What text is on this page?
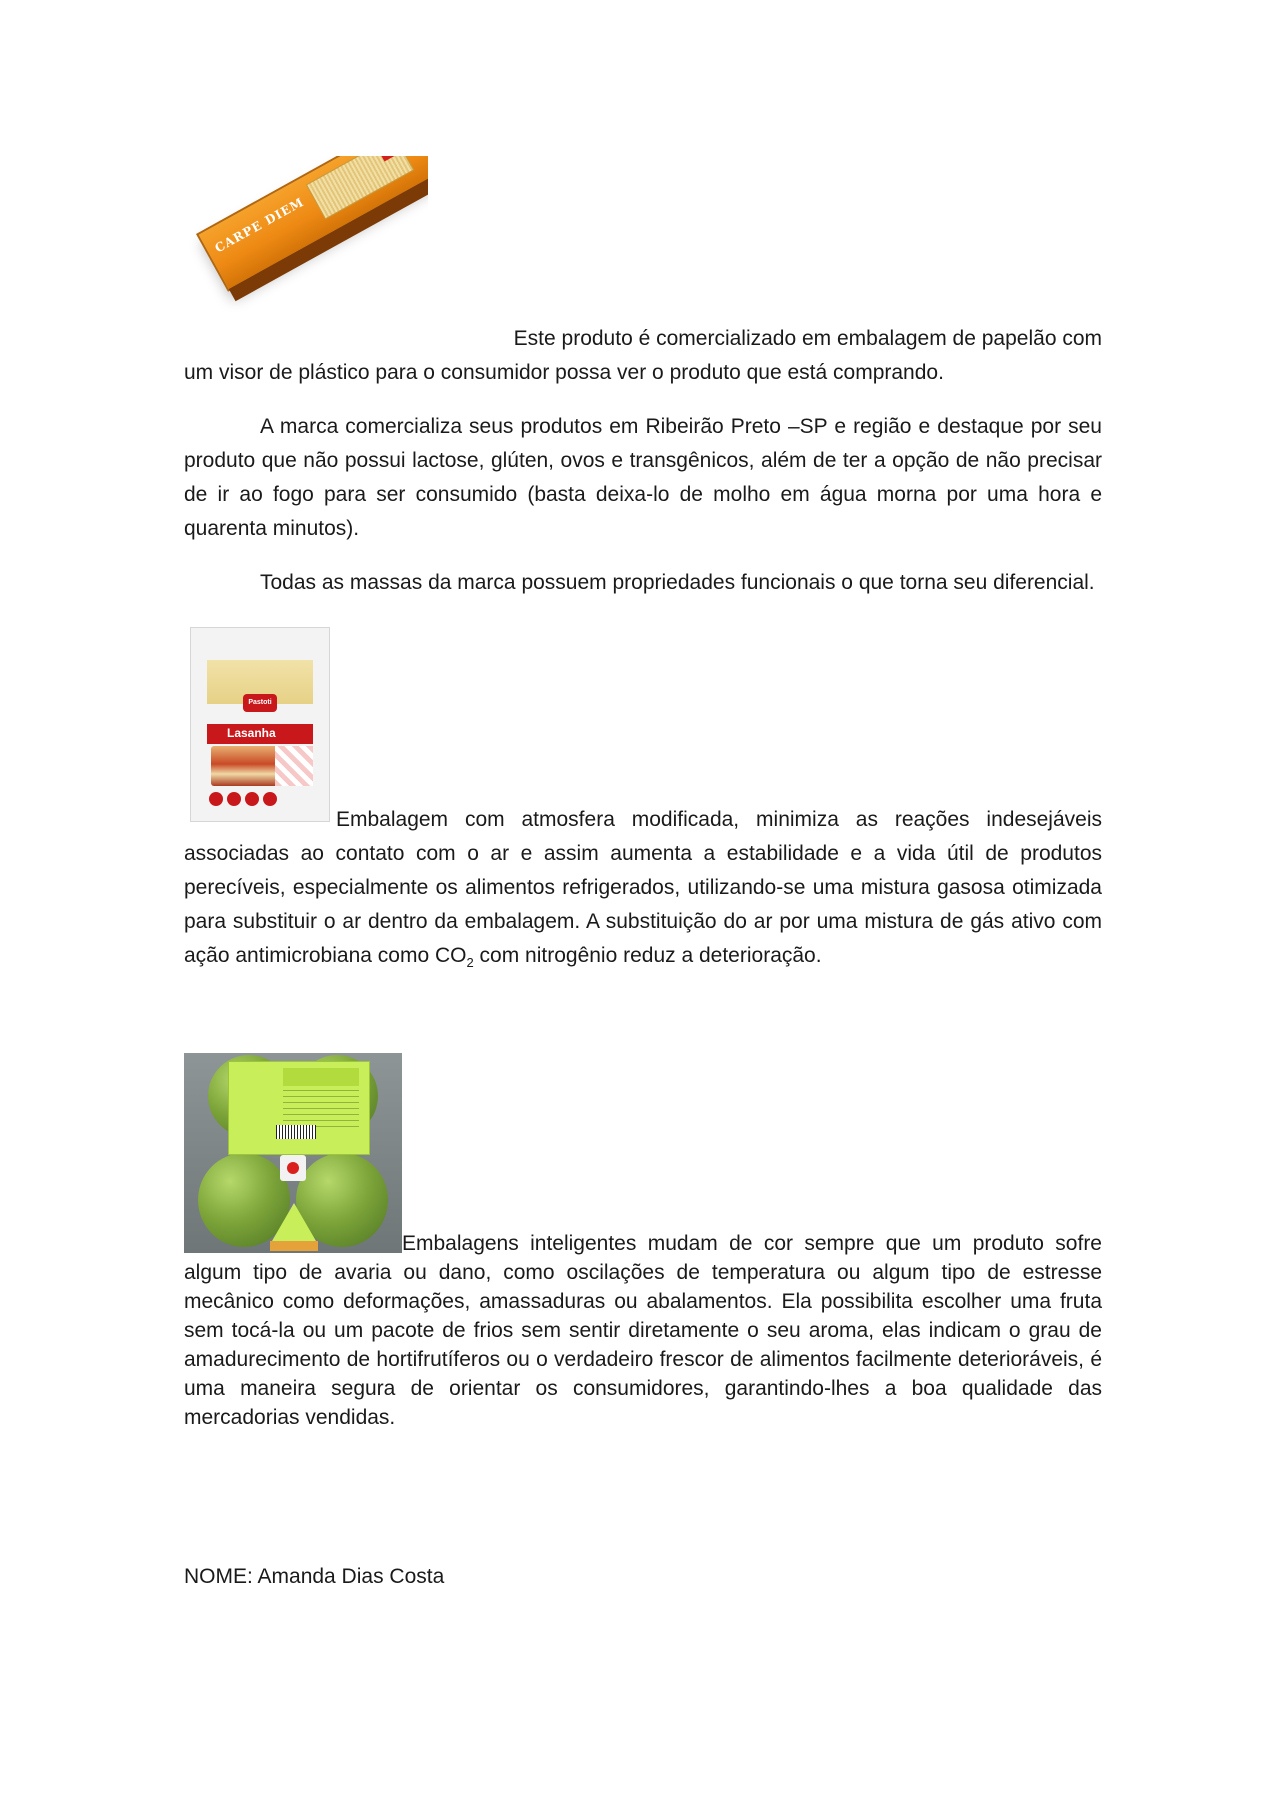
CARPE DIEM

Este produto é comercializado em embalagem de papelão com

um visor de plástico para o consumidor possa ver o produto que está comprando.

A marca comercializa seus produtos em Ribeirão Preto –SP e região e destaque por seu produto que não possui lactose, glúten, ovos e transgênicos, além de ter a opção de não precisar de ir ao fogo para ser consumido (basta deixa-lo de molho em água morna por uma hora e quarenta minutos).

Todas as massas da marca possuem propriedades funcionais o que torna seu diferencial.

Pastoti
Lasanha

Embalagem com atmosfera modificada, minimiza as reações indesejáveis

associadas ao contato com o ar e assim aumenta a estabilidade e a vida útil de produtos perecíveis, especialmente os alimentos refrigerados, utilizando-se uma mistura gasosa otimizada para substituir o ar dentro da embalagem. A substituição do ar por uma mistura de gás ativo com ação antimicrobiana como $CO_2$ com nitrogênio reduz a deterioração.

Embalagens inteligentes mudam de cor sempre que um produto sofre

algum tipo de avaria ou dano, como oscilações de temperatura ou algum tipo de estresse mecânico como deformações, amassaduras ou abalamentos. Ela possibilita escolher uma fruta sem tocá-la ou um pacote de frios sem sentir diretamente o seu aroma, elas indicam o grau de amadurecimento de hortifrutíferos ou o verdadeiro frescor de alimentos facilmente deterioráveis, é uma maneira segura de orientar os consumidores, garantindo-lhes a boa qualidade das mercadorias vendidas.

NOME: Amanda Dias Costa
